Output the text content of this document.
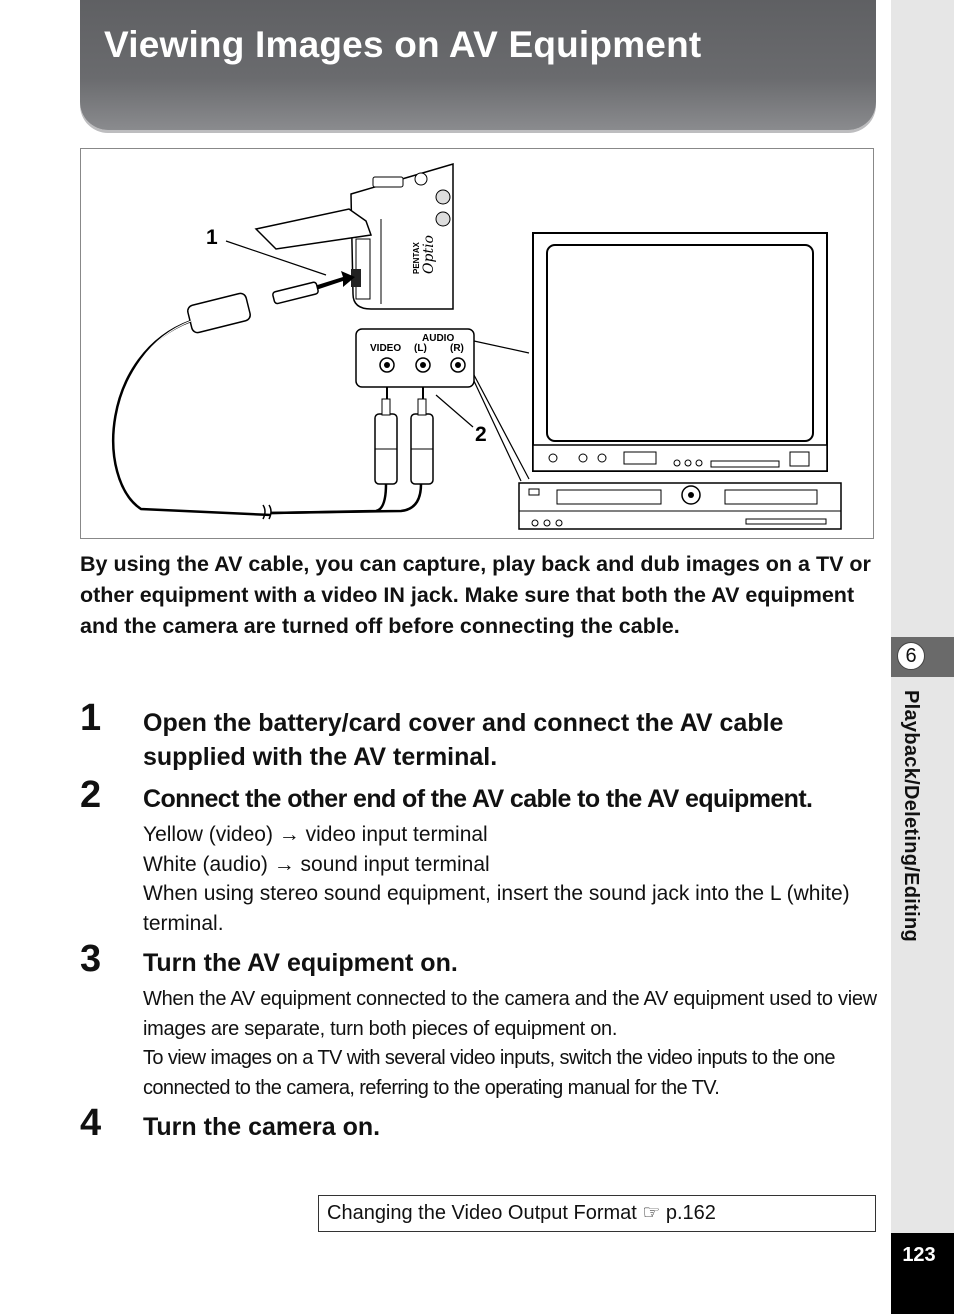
Viewing Images on AV Equipment
PENTAX Optio
AUDIO
VIDEO (L) (R)
1
2
By using the AV cable, you can capture, play back and dub images on a TV or other equipment with a video IN jack. Make sure that both the AV equipment and the camera are turned off before connecting the cable.
1 Open the battery/card cover and connect the AV cable supplied with the AV terminal.
2 Connect the other end of the AV cable to the AV equipment.
Yellow (video) → video input terminal
White (audio) → sound input terminal
When using stereo sound equipment, insert the sound jack into the L (white) terminal.
3 Turn the AV equipment on.
When the AV equipment connected to the camera and the AV equipment used to view images are separate, turn both pieces of equipment on.
To view images on a TV with several video inputs, switch the video inputs to the one connected to the camera, referring to the operating manual for the TV.
4 Turn the camera on.
Changing the Video Output Format ☞ p.162
6
Playback/Deleting/Editing
123
